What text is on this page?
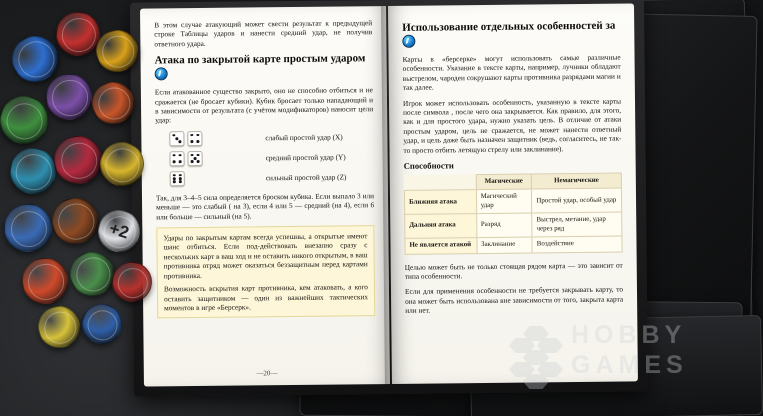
В этом случае атакующий может свести результат к предыдущей строке Таблицы ударов и нанести средний удар, не получив ответного удара.

Атака по закрытой карте простым ударом

Если атакованное существо закрыто, оно не способно отбиться и не сражается (не бросает кубики). Кубик бросает только нападающий и в зависимости от результата (с учётом модификаторов) наносит цели удар:

слабый простой удар (X)
средний простой удар (Y)
сильный простой удар (Z)

Так, для 3–4–5 сила определяется броском кубика. Если выпало 3 или меньше — это слабый ( на 3), если 4 или 5 — средний (на 4), если 6 или больше — сильный (на 5).

Удары по закрытым картам всегда успешны, а открытые имеют шанс отбиться. Если под-действовать внезапно сразу с нескольких карт в ваш ход и не оставить никого открытым, в ваш противника отряд может оказаться беззащитным перед картами противника.

Возможность вскрытия карт противника, кем атаковать, а кого оставить защитником — один из важнейших тактических моментов в игре «Берсерк».

—20—
Использование отдельных особенностей за

Карты в «берсерке» могут использовать самые различные особенности. Указание в тексте карты, например, лучники обладают выстрелом, чародеи сокрушают карты противника разрядами магии и так далее.

Игрок может использовать особенность, указанную в тексте карты после символа , после чего она закрывается. Как правило, для этого, как и для простого удара, нужно указать цель. В отличие от атаки простым ударом, цель не сражается, не может нанести ответный удар, и цель даже быть назначен защитник (ведь, согласитесь, не так-то просто отбить летящую стрелу или заклинание).

Способности
	Магические	Немагические
Ближняя атака	Магический удар	Простой удар, особый удар
Дальняя атака	Разряд	Выстрел, метание, удар через ряд
Не является атакой	Заклинание	Воздействие

Целью может быть не только стоящая рядом карта — это зависит от типа особенности.

Если для применения особенности не требуется закрывать карту, то она может быть использована вне зависимости от того, закрыта карта или нет.

+2
HOBBY
GAMES
